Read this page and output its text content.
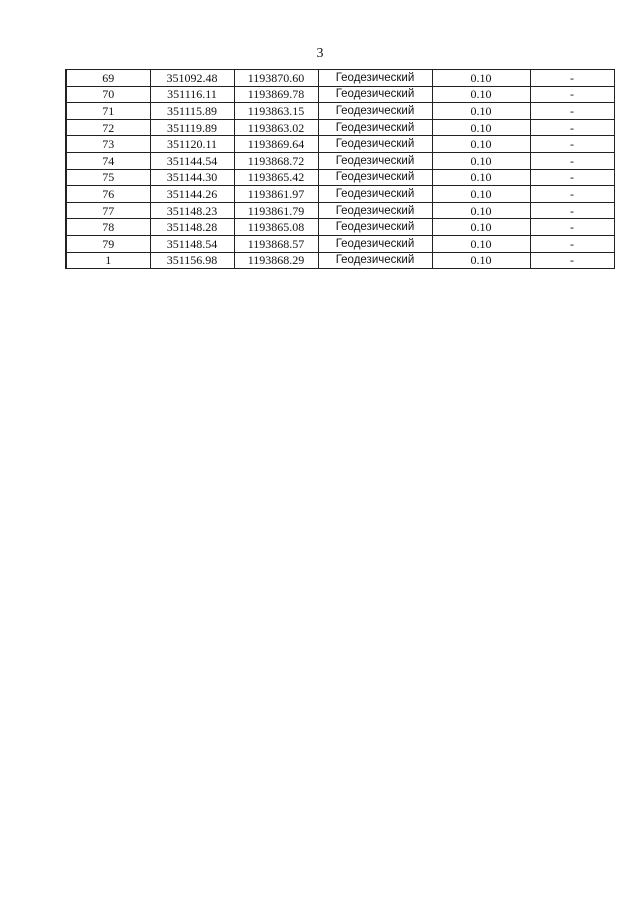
3
69	351092.48	1193870.60	Геодезический	0.10	-
70	351116.11	1193869.78	Геодезический	0.10	-
71	351115.89	1193863.15	Геодезический	0.10	-
72	351119.89	1193863.02	Геодезический	0.10	-
73	351120.11	1193869.64	Геодезический	0.10	-
74	351144.54	1193868.72	Геодезический	0.10	-
75	351144.30	1193865.42	Геодезический	0.10	-
76	351144.26	1193861.97	Геодезический	0.10	-
77	351148.23	1193861.79	Геодезический	0.10	-
78	351148.28	1193865.08	Геодезический	0.10	-
79	351148.54	1193868.57	Геодезический	0.10	-
1	351156.98	1193868.29	Геодезический	0.10	-
